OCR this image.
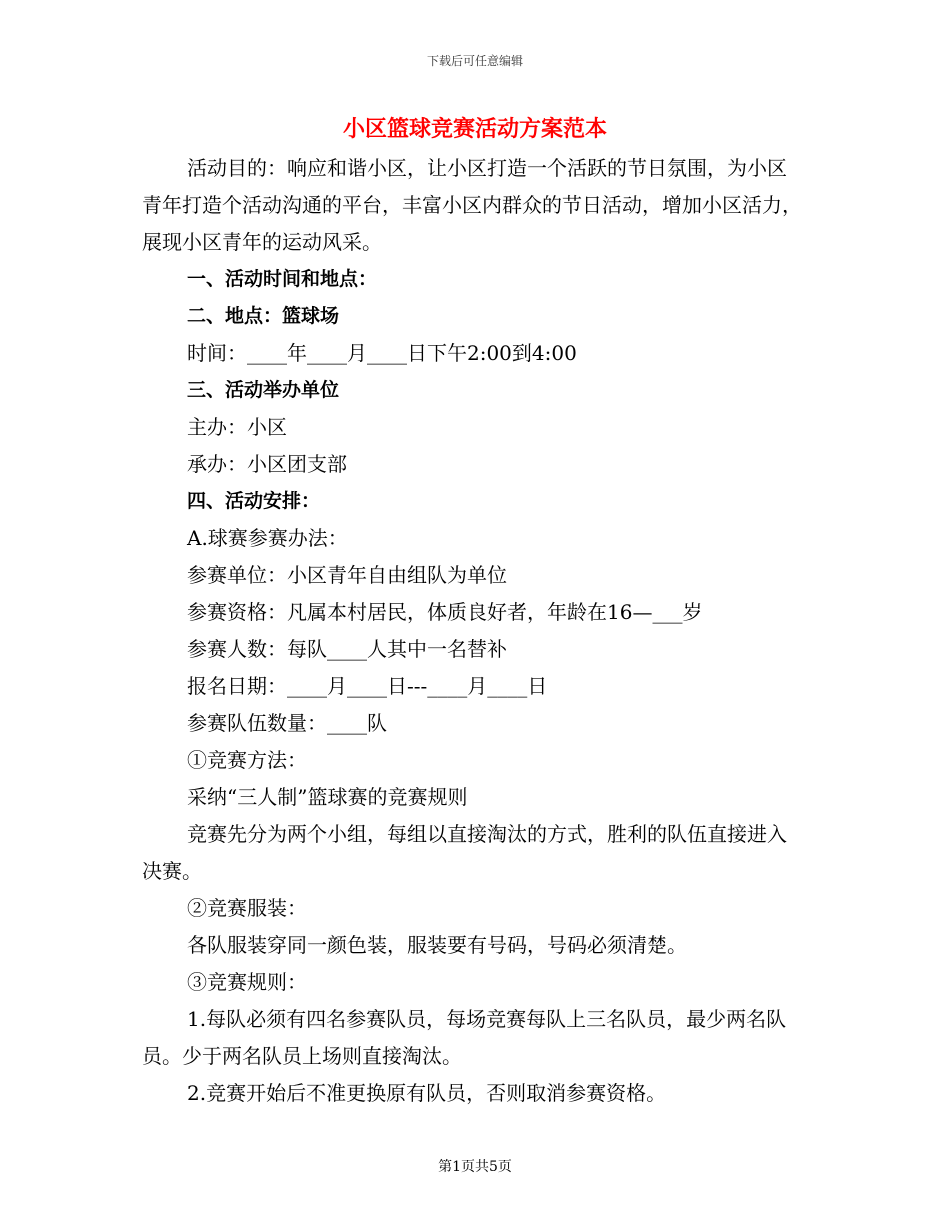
下载后可任意编辑
小区篮球竞赛活动方案范本

活动目的：响应和谐小区，让小区打造一个活跃的节日氛围，为小区青年打造个活动沟通的平台，丰富小区内群众的节日活动，增加小区活力，展现小区青年的运动风采。

一、活动时间和地点：

二、地点：篮球场

时间：____年____月____日下午2:00到4:00

三、活动举办单位

主办：小区

承办：小区团支部

四、活动安排：

A.球赛参赛办法：

参赛单位：小区青年自由组队为单位

参赛资格：凡属本村居民，体质良好者，年龄在16—___岁

参赛人数：每队____人其中一名替补

报名日期：____月____日---____月____日

参赛队伍数量：____队

①竞赛方法：

采纳“三人制”篮球赛的竞赛规则

竞赛先分为两个小组，每组以直接淘汰的方式，胜利的队伍直接进入决赛。

②竞赛服装：

各队服装穿同一颜色装，服装要有号码，号码必须清楚。

③竞赛规则：

1.每队必须有四名参赛队员，每场竞赛每队上三名队员，最少两名队员。少于两名队员上场则直接淘汰。

2.竞赛开始后不准更换原有队员，否则取消参赛资格。

第1页共5页
